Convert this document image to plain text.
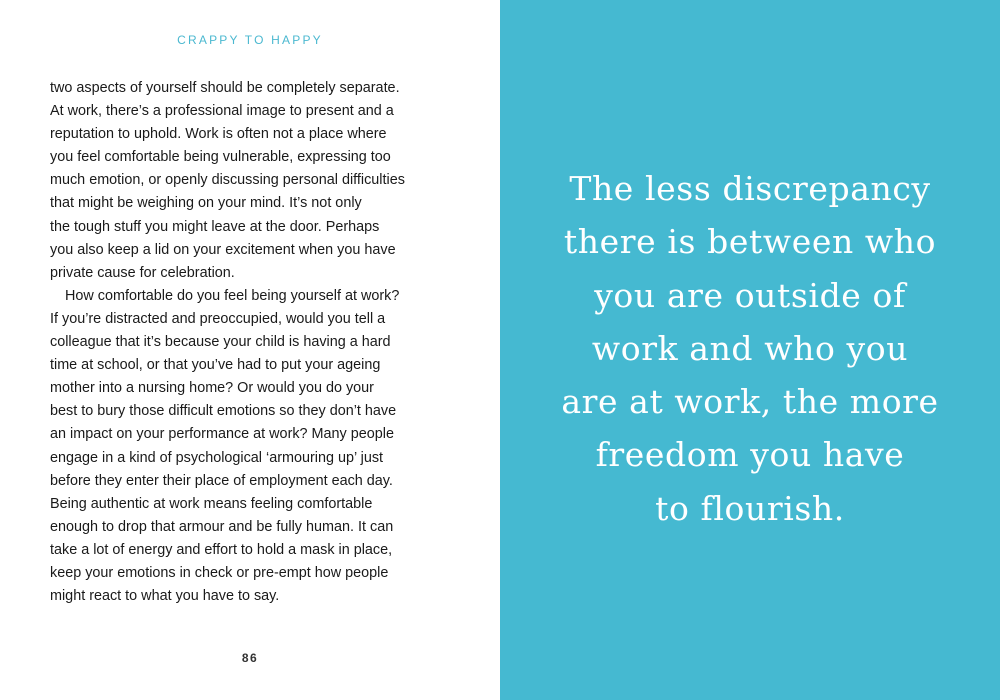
CRAPPY TO HAPPY
two aspects of yourself should be completely separate.
At work, there’s a professional image to present and a
reputation to uphold. Work is often not a place where
you feel comfortable being vulnerable, expressing too
much emotion, or openly discussing personal difficulties
that might be weighing on your mind. It’s not only
the tough stuff you might leave at the door. Perhaps
you also keep a lid on your excitement when you have
private cause for celebration.
How comfortable do you feel being yourself at work?
If you’re distracted and preoccupied, would you tell a
colleague that it’s because your child is having a hard
time at school, or that you’ve had to put your ageing
mother into a nursing home? Or would you do your
best to bury those difficult emotions so they don’t have
an impact on your performance at work? Many people
engage in a kind of psychological ‘armouring up’ just
before they enter their place of employment each day.
Being authentic at work means feeling comfortable
enough to drop that armour and be fully human. It can
take a lot of energy and effort to hold a mask in place,
keep your emotions in check or pre-empt how people
might react to what you have to say.
86
The less discrepancy
there is between who
you are outside of
work and who you
are at work, the more
freedom you have
to flourish.
